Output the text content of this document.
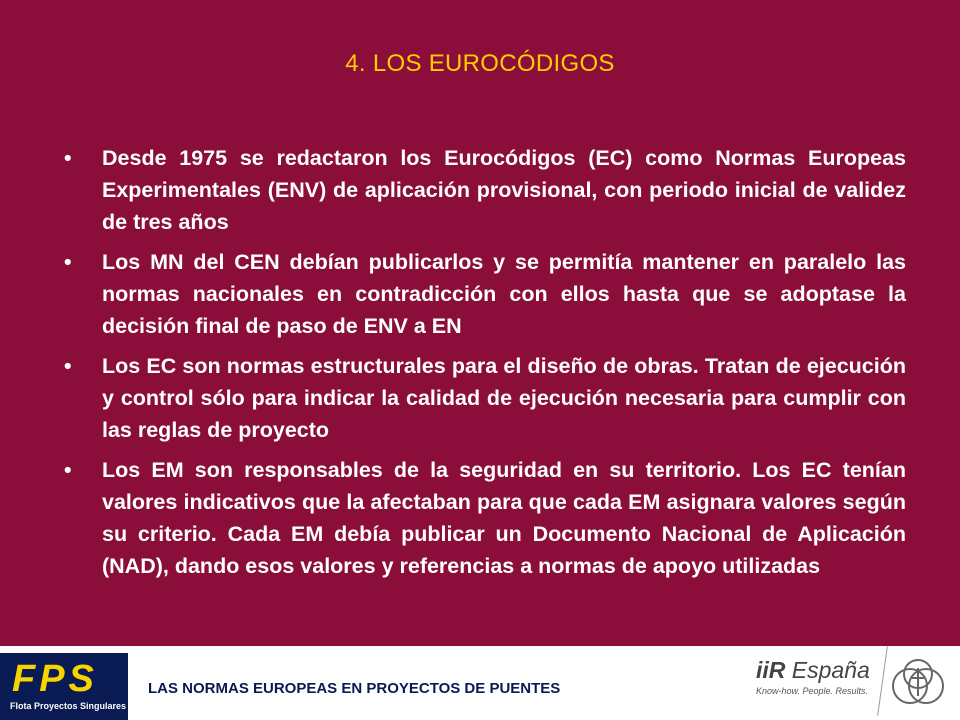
4. LOS EUROCÓDIGOS
•	Desde 1975 se redactaron los Eurocódigos (EC) como Normas Europeas Experimentales (ENV) de aplicación provisional, con periodo inicial de validez de tres años
•	Los MN del CEN debían publicarlos y se permitía mantener en paralelo las normas nacionales en contradicción con ellos hasta que se adoptase la decisión final de paso de ENV a EN
•	Los EC son normas estructurales para el diseño de obras. Tratan de ejecución y control sólo para indicar la calidad de ejecución necesaria para cumplir con las reglas de proyecto
•	Los EM son responsables de la seguridad en su territorio. Los EC tenían valores indicativos que la afectaban para que cada EM asignara valores según su criterio. Cada EM debía publicar un Documento Nacional de Aplicación (NAD), dando esos valores y referencias a normas de apoyo utilizadas
FPS
Flota Proyectos Singulares
LAS NORMAS EUROPEAS EN PROYECTOS DE PUENTES
iiR España
Know-how. People. Results.
